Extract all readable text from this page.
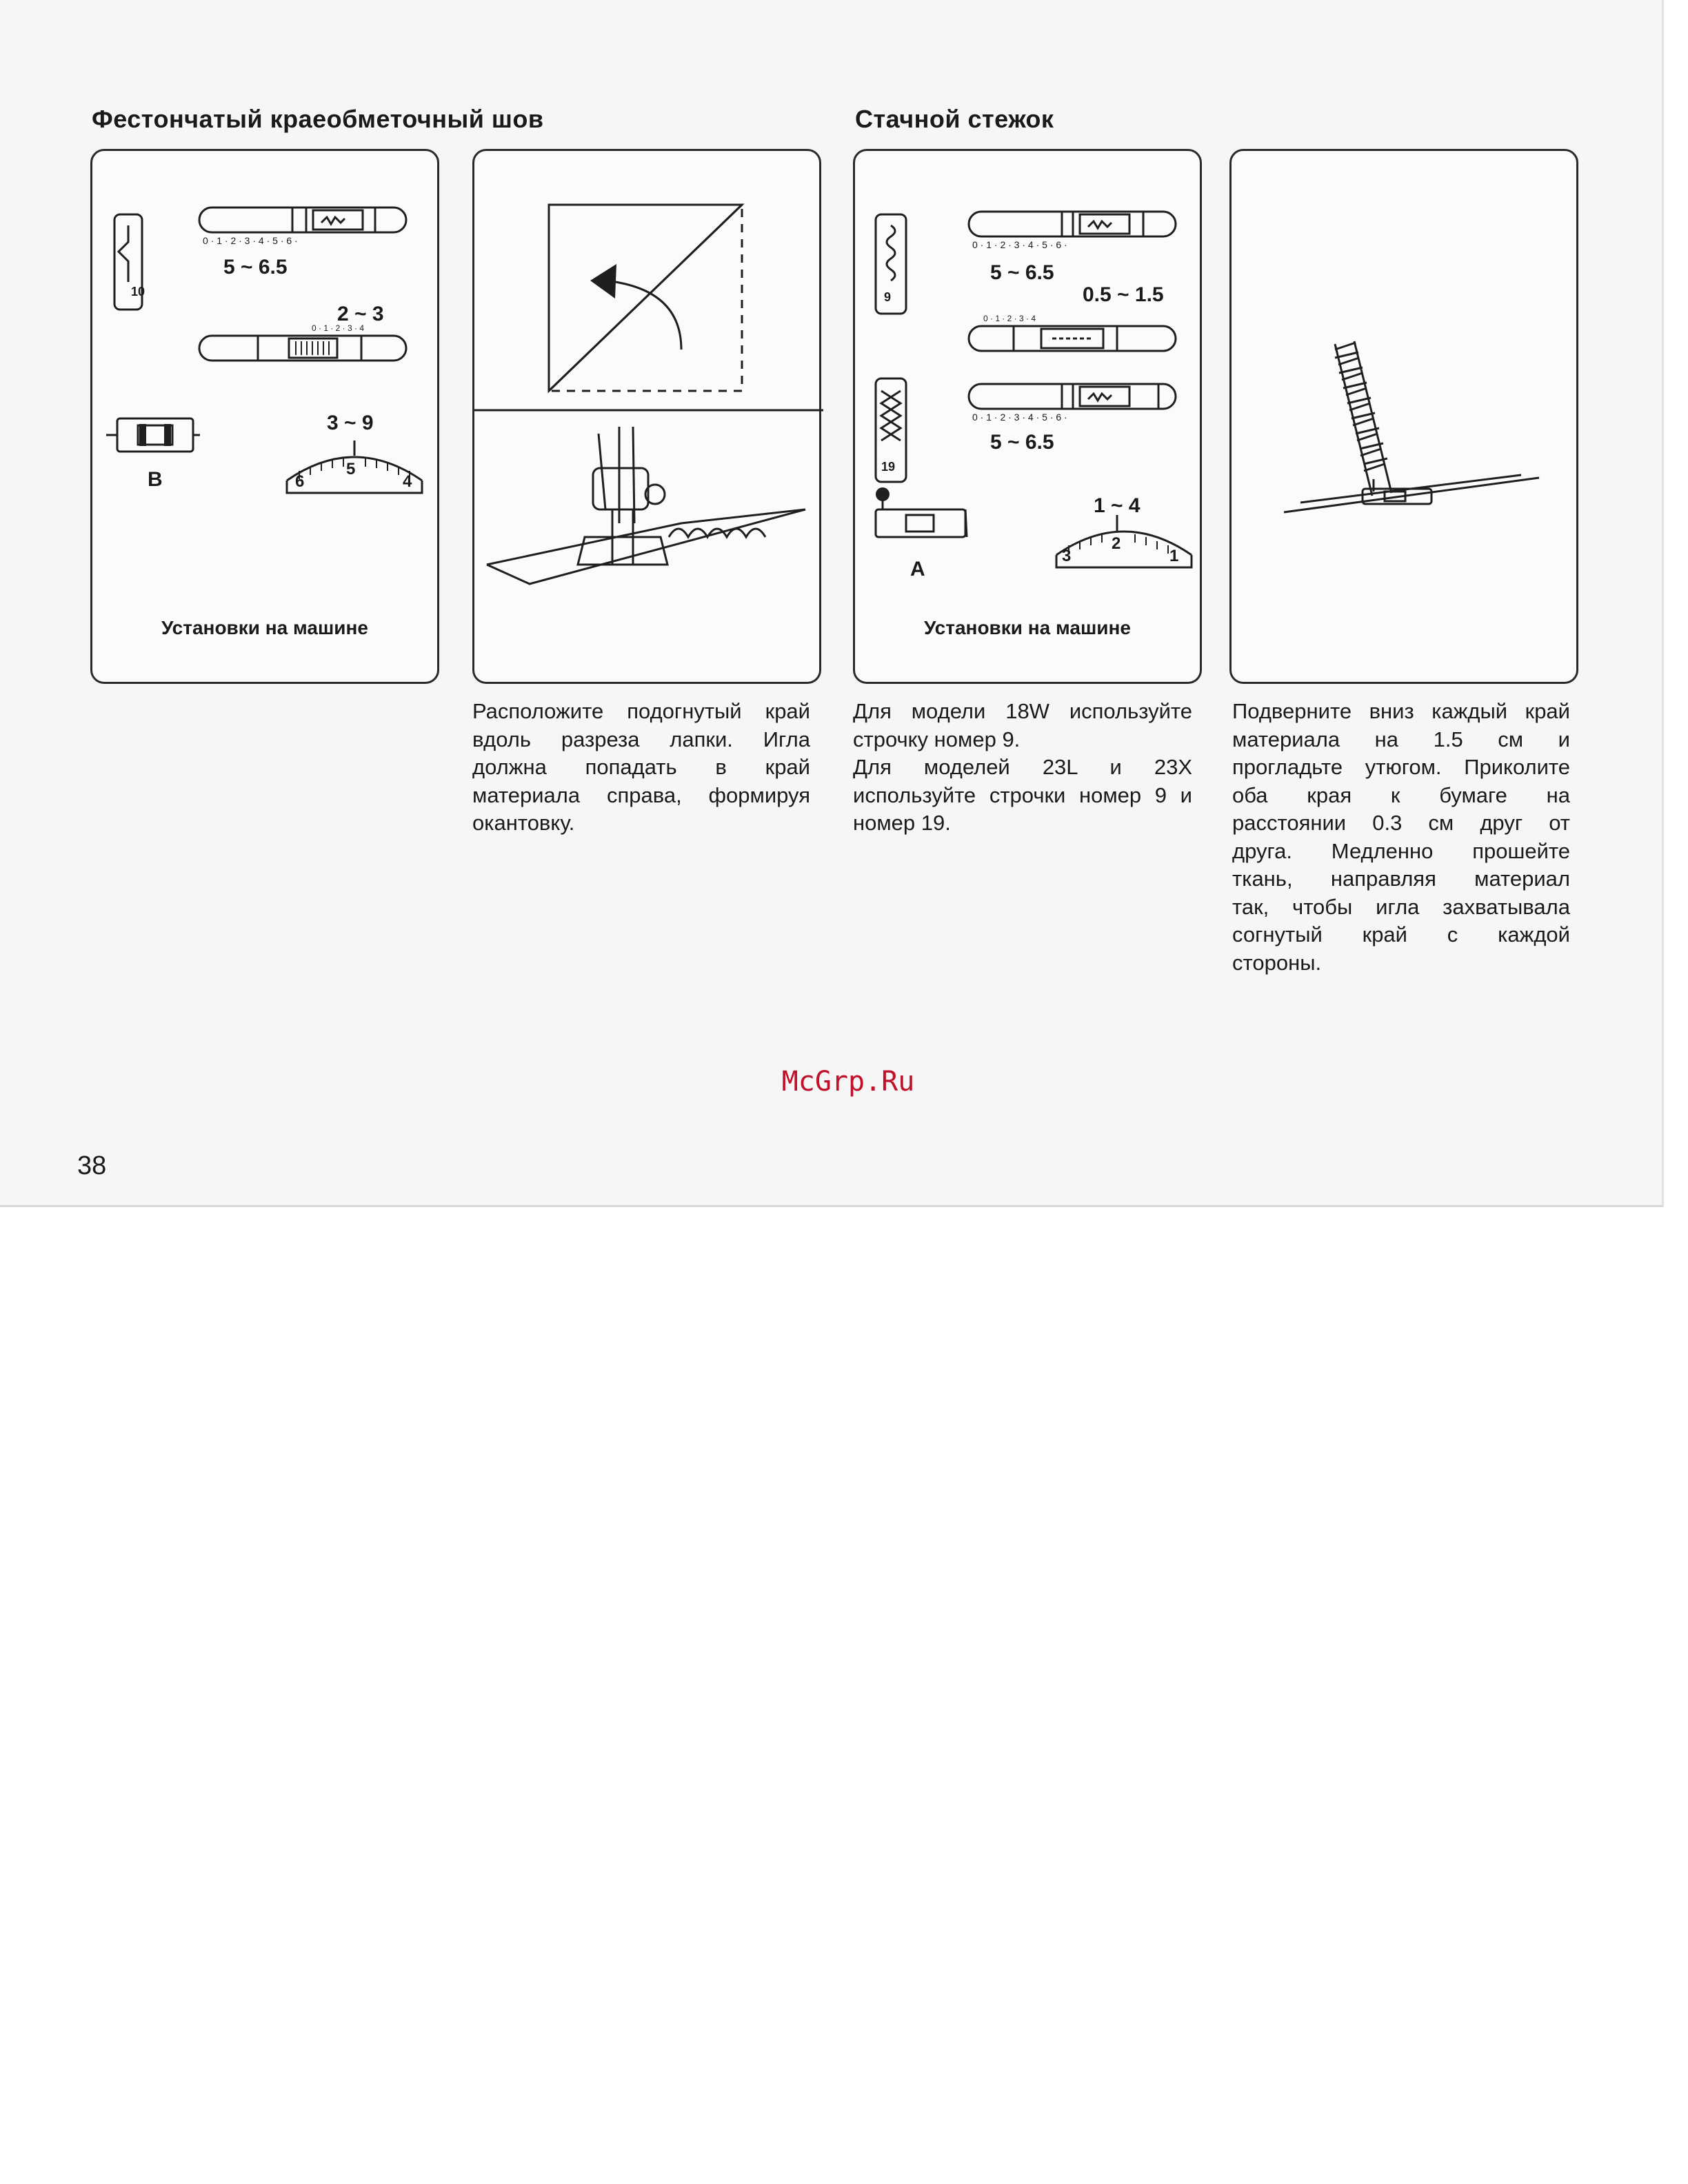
Фестончатый краеобметочный шов	Стачной стежок
10
0 · 1 · 2 · 3 · 4 · 5 · 6 ·
5 ~ 6.5
2 ~ 3
0 · 1 · 2 · 3 · 4
B
3 ~ 9
6
5
4
Установки на машине
9
19
0 · 1 · 2 · 3 · 4 · 5 · 6 ·
5 ~ 6.5
0.5 ~ 1.5
0 · 1 · 2 · 3 · 4
0 · 1 · 2 · 3 · 4 · 5 · 6 ·
5 ~ 6.5
A
1 ~ 4
3
2
1
Установки на машине
Расположите подогнутый край
вдоль разреза лапки. Игла
должна попадать в край
материала справа, формируя
окантовку.
Для модели 18W используйте
строчку номер 9.
Для моделей 23L и 23X
используйте строчки номер 9 и
номер 19.
Подверните вниз каждый край
материала на 1.5 см и
прогладьте утюгом. Приколите
оба края к бумаге на
расстоянии 0.3 см друг от
друга. Медленно прошейте
ткань, направляя материал
так, чтобы игла захватывала
согнутый край с каждой
стороны.
McGrp.Ru
38
